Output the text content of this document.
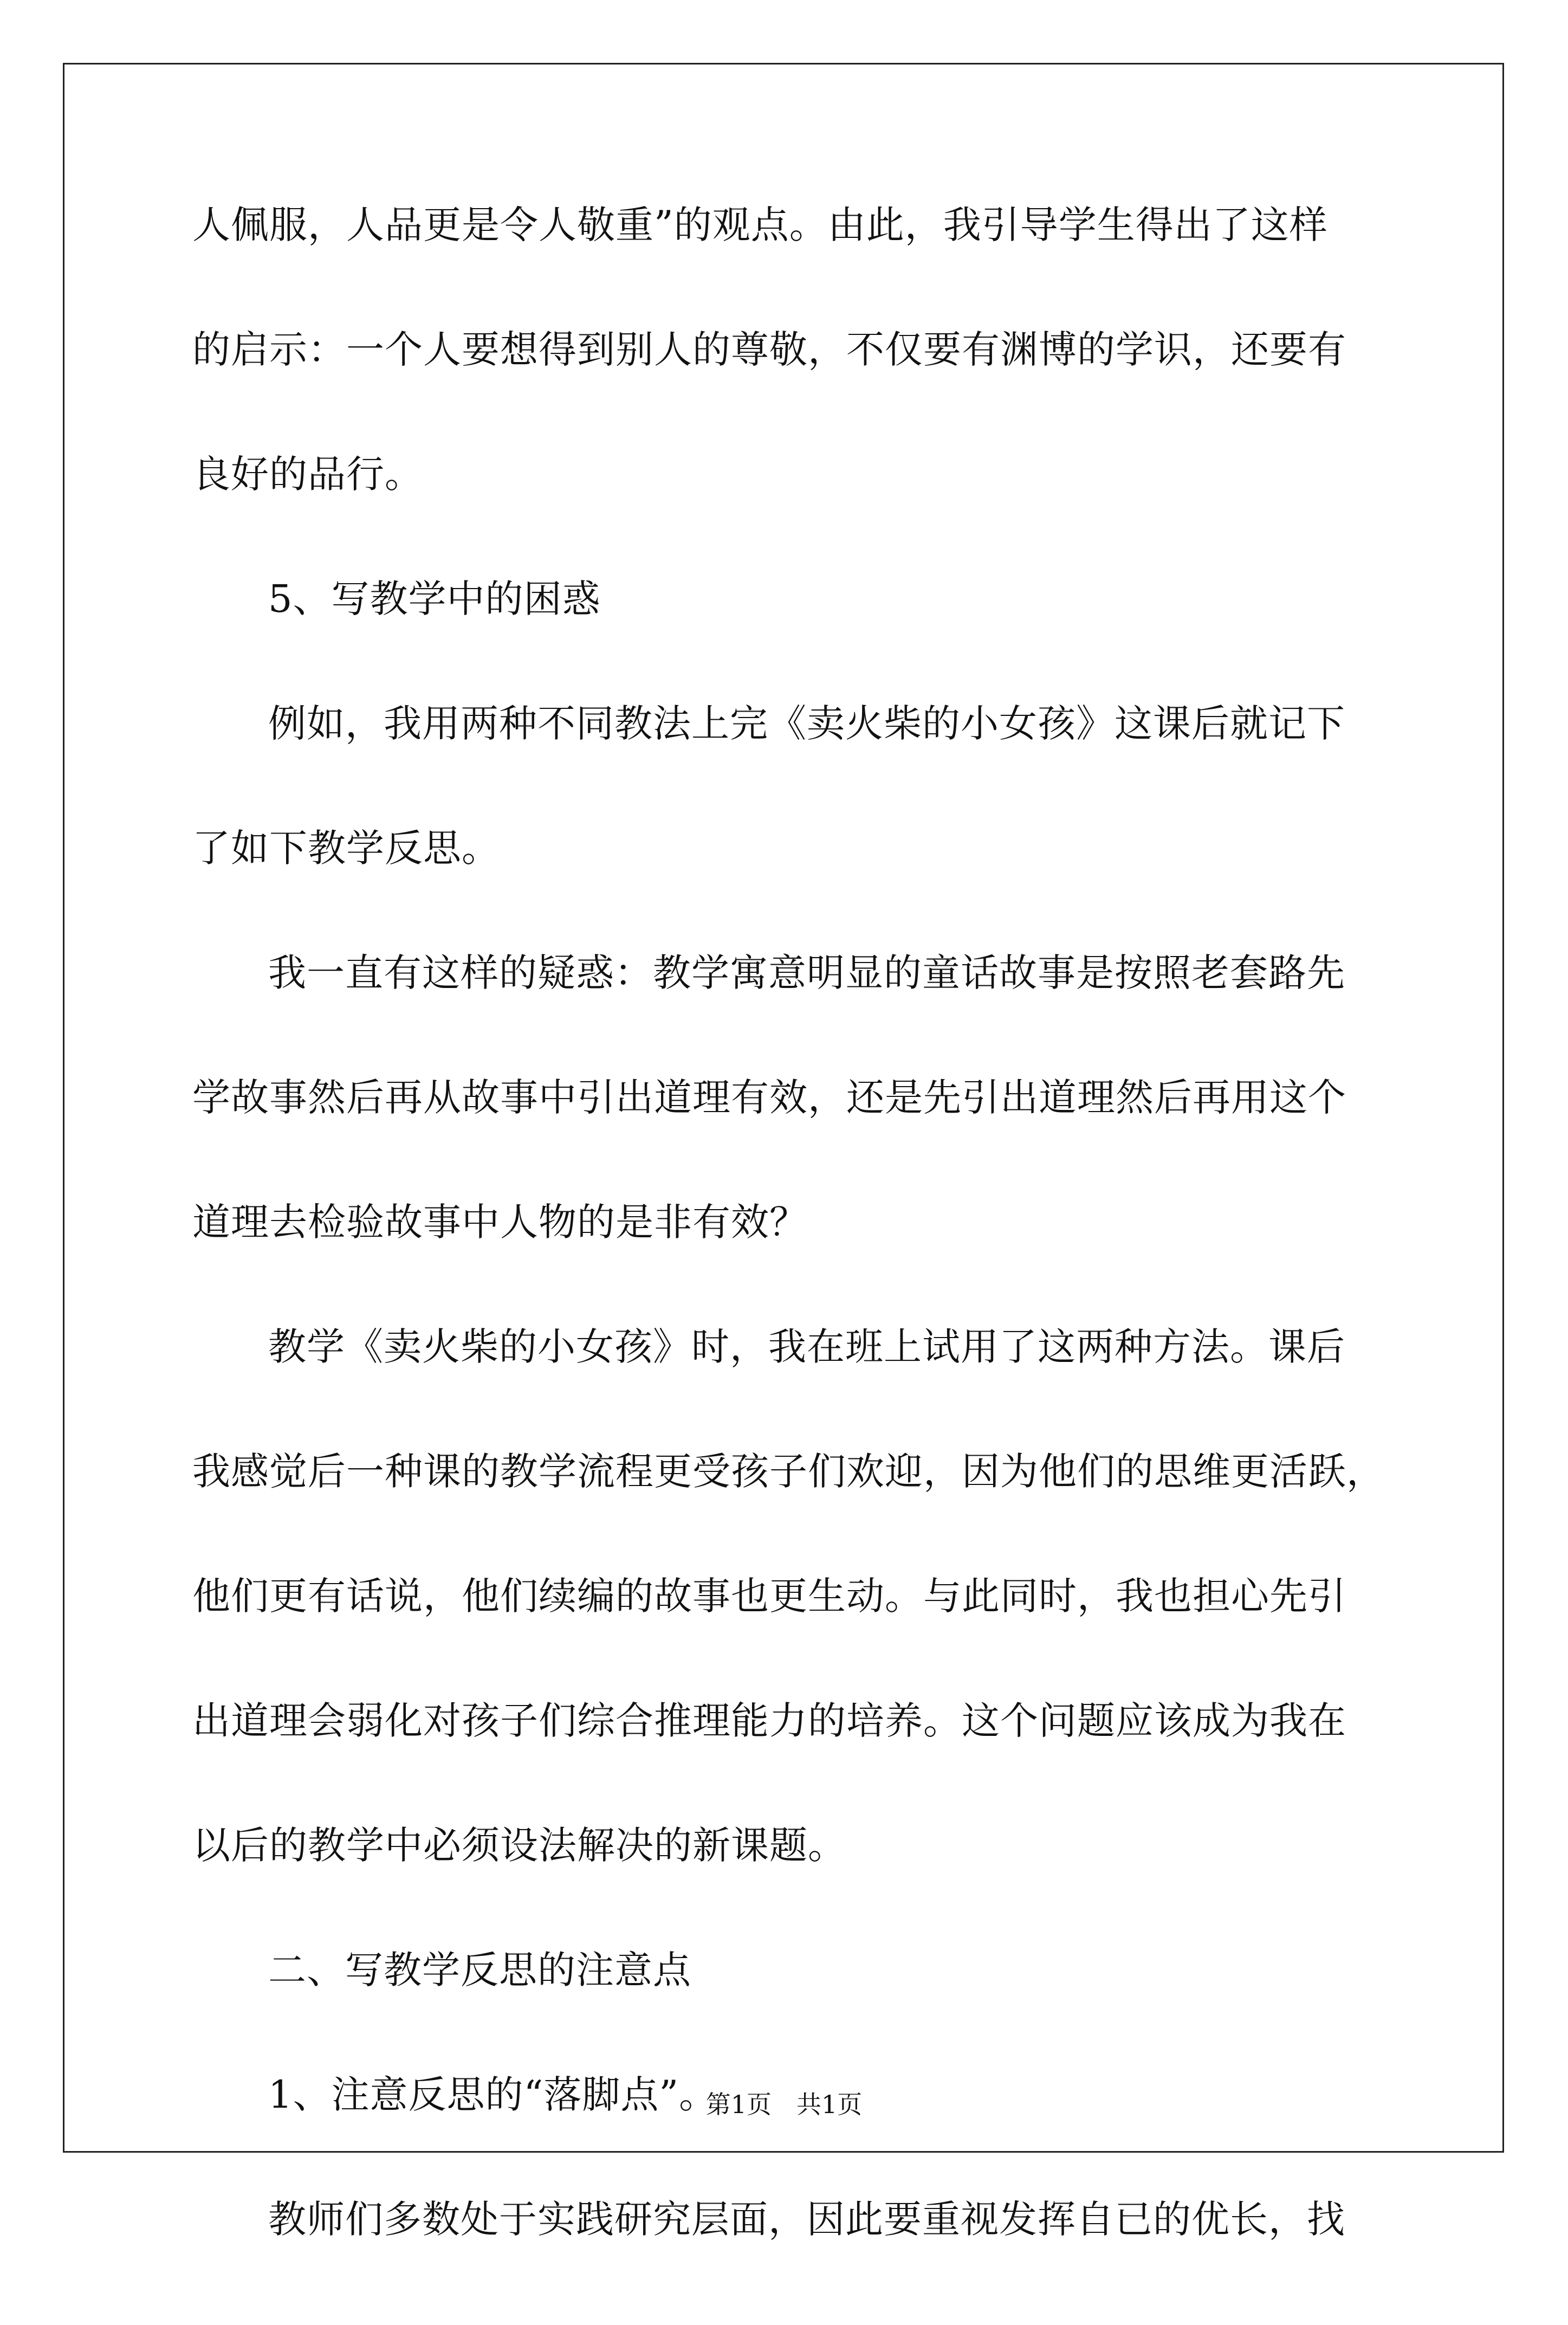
人佩服，人品更是令人敬重”的观点。由此，我引导学生得出了这样
的启示：一个人要想得到别人的尊敬，不仅要有渊博的学识，还要有
良好的品行。
5、写教学中的困惑
例如，我用两种不同教法上完《卖火柴的小女孩》这课后就记下
了如下教学反思。
我一直有这样的疑惑：教学寓意明显的童话故事是按照老套路先
学故事然后再从故事中引出道理有效，还是先引出道理然后再用这个
道理去检验故事中人物的是非有效？
教学《卖火柴的小女孩》时，我在班上试用了这两种方法。课后
我感觉后一种课的教学流程更受孩子们欢迎，因为他们的思维更活跃，
他们更有话说，他们续编的故事也更生动。与此同时，我也担心先引
出道理会弱化对孩子们综合推理能力的培养。这个问题应该成为我在
以后的教学中必须设法解决的新课题。
二、写教学反思的注意点
1、注意反思的“落脚点”。
教师们多数处于实践研究层面，因此要重视发挥自已的优长，找
第1页　共1页
